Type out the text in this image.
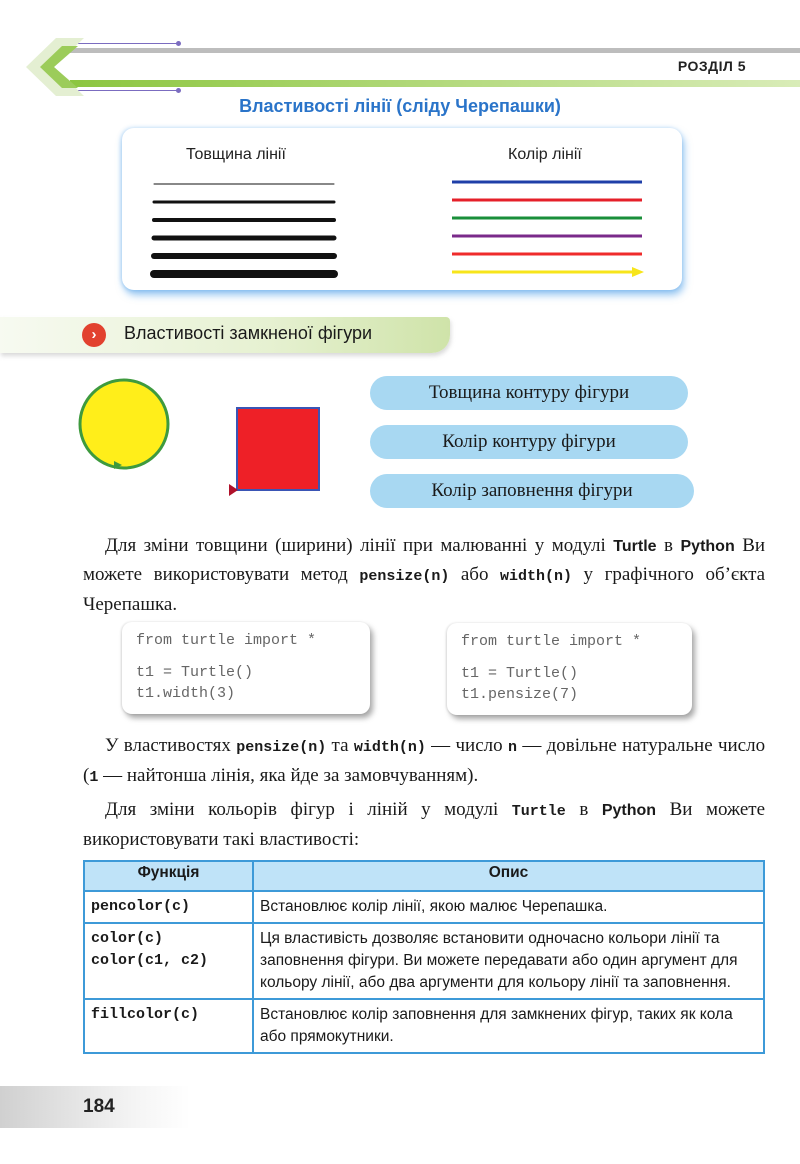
РОЗДІЛ 5
Властивості лінії (сліду Черепашки)
Товщина лінії	Колір лінії
›	Властивості замкненої фігури
Товщина контуру фігури
Колір контуру фігури
Колір заповнення фігури

Для зміни товщини (ширини) лінії при малюванні у модулі Turtle в Python Ви можете використовувати метод pensize(n) або width(n) у графічного об’єкта Черепашка.

from turtle import *
t1 = Turtle()
t1.width(3)
from turtle import *
t1 = Turtle()
t1.pensize(7)

У властивостях pensize(n) та width(n) — число n — довільне натуральне число (1 — найтонша лінія, яка йде за замовчуванням).

Для зміни кольорів фігур і ліній у модулі Turtle в Python Ви можете використовувати такі властивості:

Функція	Опис

pencolor(c)	Встановлює колір лінії, якою малює Черепашка.

color(c)
color(c1, c2)	Ця властивість дозволяє встановити одночасно кольори лінії та заповнення фігури. Ви можете передавати або один аргумент для кольору лінії, або два аргументи для кольору лінії та заповнення.

fillcolor(c)	Встановлює колір заповнення для замкнених фігур, таких як кола або прямокутники.
184
